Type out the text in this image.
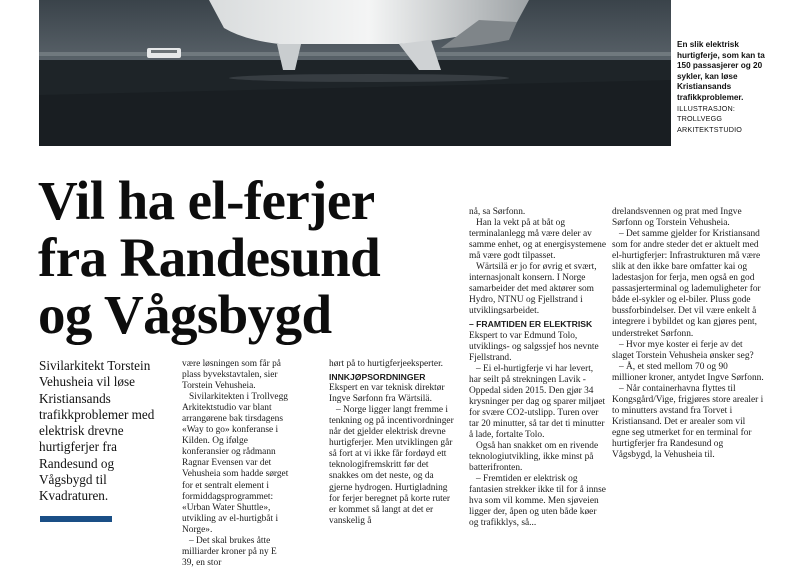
En slik elektrisk hurtigferje, som kan ta 150 passasjerer og 20 sykler, kan løse Kristiansands trafikkproblemer. ILLUSTRASJON: TROLLVEGG ARKITEKTSTUDIO
Vil ha el-ferjer
fra Randesund
og Vågsbygd
Sivilarkitekt Torstein Vehusheia vil løse Kristiansands trafikkproblemer med elektrisk drevne hurtigferjer fra Randesund og Vågsbygd til Kvadraturen.

være løsningen som får på plass byvekstavtalen, sier Torstein Vehusheia.

Sivilarkitekten i Trollvegg Arkitektstudio var blant arrangørene bak tirsdagens «Way to go» konferanse i Kilden. Og ifølge konferansier og rådmann Ragnar Evensen var det Vehusheia som hadde sørget for et sentralt element i formiddagsprogrammet: «Urban Water Shuttle», utvikling av el-hurtigbåt i Norge».

– Det skal brukes åtte milliarder kroner på ny E 39, en stor

hørt på to hurtigferjeeksperter.

INNKJØPSORDNINGER

Ekspert en var teknisk direktør Ingve Sørfonn fra Wärtsilä.

– Norge ligger langt fremme i tenkning og på incentivordninger når det gjelder elektrisk drevne hurtigferjer. Men utviklingen går så fort at vi ikke får fordøyd ett teknologifremskritt før det snakkes om det neste, og da gjerne hydrogen. Hurtigladning for ferjer beregnet på korte ruter er kommet så langt at det er vanskelig å

nå, sa Sørfonn.

Han la vekt på at båt og terminalanlegg må være deler av samme enhet, og at energisystemene må være godt tilpasset.

Wärtsilä er jo for øvrig et svært, internasjonalt konsern. I Norge samarbeider det med aktører som Hydro, NTNU og Fjellstrand i utviklingsarbeidet.

– FRAMTIDEN ER ELEKTRISK

Ekspert to var Edmund Tolo, utviklings- og salgssjef hos nevnte Fjellstrand.

– Ei el-hurtigferje vi har levert, har seilt på strekningen Lavik - Oppedal siden 2015. Den gjør 34 krysninger per dag og sparer miljøet for svære CO2-utslipp. Turen over tar 20 minutter, så tar det ti minutter å lade, fortalte Tolo.

Også han snakket om en rivende teknologiutvikling, ikke minst på batterifronten.

– Fremtiden er elektrisk og fantasien strekker ikke til for å innse hva som vil komme. Men sjøveien ligger der, åpen og uten både køer og trafikklys, så...

drelandsvennen og prat med Ingve Sørfonn og Torstein Vehusheia.

– Det samme gjelder for Kristiansand som for andre steder det er aktuelt med el-hurtigferjer: Infrastrukturen må være slik at den ikke bare omfatter kai og ladestasjon for ferja, men også en god passasjerterminal og lademuligheter for både el-sykler og el-biler. Pluss gode bussforbindelser. Det vil være enkelt å integrere i bybildet og kan gjøres pent, understreket Sørfonn.

– Hvor mye koster ei ferje av det slaget Torstein Vehusheia ønsker seg?

– Å, et sted mellom 70 og 90 millioner kroner, antydet Ingve Sørfonn.

– Når containerhavna flyttes til Kongsgård/Vige, frigjøres store arealer i to minutters avstand fra Torvet i Kristiansand. Det er arealer som vil egne seg utmerket for en terminal for hurtigferjer fra Randesund og Vågsbygd, la Vehusheia til.
